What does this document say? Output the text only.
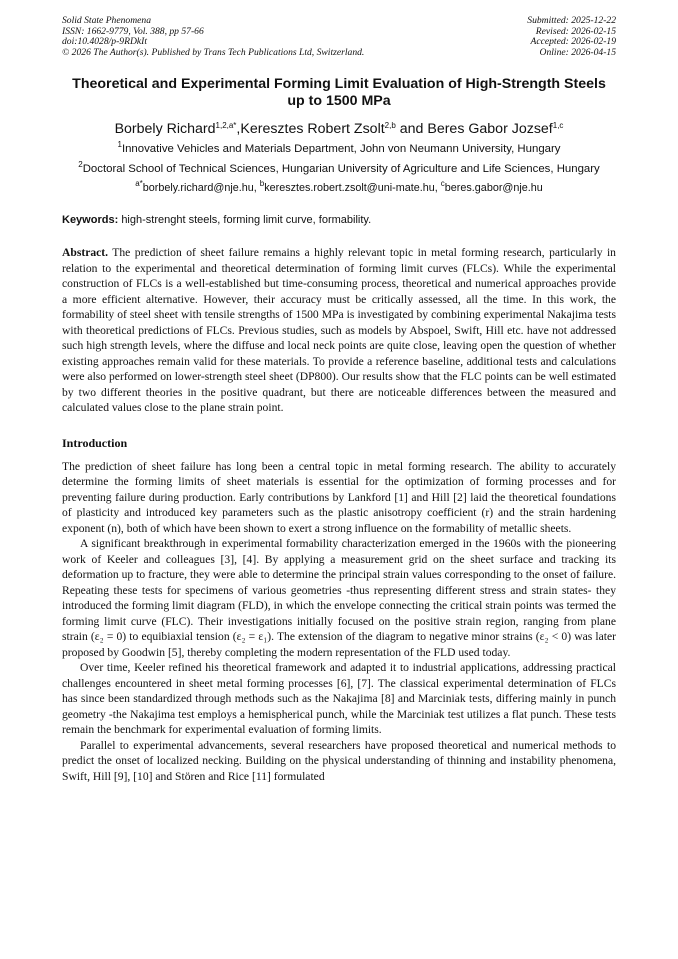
Solid State Phenomena
ISSN: 1662-9779, Vol. 388, pp 57-66
doi:10.4028/p-9RDkIt
© 2026 The Author(s). Published by Trans Tech Publications Ltd, Switzerland.
Submitted: 2025-12-22
Revised: 2026-02-15
Accepted: 2026-02-19
Online: 2026-04-15
Theoretical and Experimental Forming Limit Evaluation of High-Strength Steels up to 1500 MPa
Borbely Richard$^{1,2,a*}$,Keresztes Robert Zsolt$^{2,b}$ and Beres Gabor Jozsef$^{1,c}$
$^1$Innovative Vehicles and Materials Department, John von Neumann University, Hungary
$^2$Doctoral School of Technical Sciences, Hungarian University of Agriculture and Life Sciences, Hungary
$^{a*}$borbely.richard@nje.hu, $^b$keresztes.robert.zsolt@uni-mate.hu, $^c$beres.gabor@nje.hu
Keywords: high-strenght steels, forming limit curve, formability.
Abstract. The prediction of sheet failure remains a highly relevant topic in metal forming research, particularly in relation to the experimental and theoretical determination of forming limit curves (FLCs). While the experimental construction of FLCs is a well-established but time-consuming process, theoretical and numerical approaches provide a more efficient alternative. However, their accuracy must be critically assessed, all the time. In this work, the formability of steel sheet with tensile strengths of 1500 MPa is investigated by combining experimental Nakajima tests with theoretical predictions of FLCs. Previous studies, such as models by Abspoel, Swift, Hill etc. have not addressed such high strength levels, where the diffuse and local neck points are quite close, leaving open the question of whether existing approaches remain valid for these materials. To provide a reference baseline, additional tests and calculations were also performed on lower-strength steel sheet (DP800). Our results show that the FLC points can be well estimated by two different theories in the positive quadrant, but there are noticeable differences between the measured and calculated values close to the plane strain point.
Introduction

The prediction of sheet failure has long been a central topic in metal forming research. The ability to accurately determine the forming limits of sheet materials is essential for the optimization of forming processes and for preventing failure during production. Early contributions by Lankford [1] and Hill [2] laid the theoretical foundations of plasticity and introduced key parameters such as the plastic anisotropy coefficient (r) and the strain hardening exponent (n), both of which have been shown to exert a strong influence on the formability of metallic sheets.

A significant breakthrough in experimental formability characterization emerged in the 1960s with the pioneering work of Keeler and colleagues [3], [4]. By applying a measurement grid on the sheet surface and tracking its deformation up to fracture, they were able to determine the principal strain values corresponding to the onset of failure. Repeating these tests for specimens of various geometries -thus representing different stress and strain states- they introduced the forming limit diagram (FLD), in which the envelope connecting the critical strain points was termed the forming limit curve (FLC). Their investigations initially focused on the positive strain region, ranging from plane strain (ε₂ = 0) to equibiaxial tension (ε₂ = ε₁). The extension of the diagram to negative minor strains (ε₂ < 0) was later proposed by Goodwin [5], thereby completing the modern representation of the FLD used today.

Over time, Keeler refined his theoretical framework and adapted it to industrial applications, addressing practical challenges encountered in sheet metal forming processes [6], [7]. The classical experimental determination of FLCs has since been standardized through methods such as the Nakajima [8] and Marciniak tests, differing mainly in punch geometry -the Nakajima test employs a hemispherical punch, while the Marciniak test utilizes a flat punch. These tests remain the benchmark for experimental evaluation of forming limits.

Parallel to experimental advancements, several researchers have proposed theoretical and numerical methods to predict the onset of localized necking. Building on the physical understanding of thinning and instability phenomena, Swift, Hill [9], [10] and Stören and Rice [11] formulated
